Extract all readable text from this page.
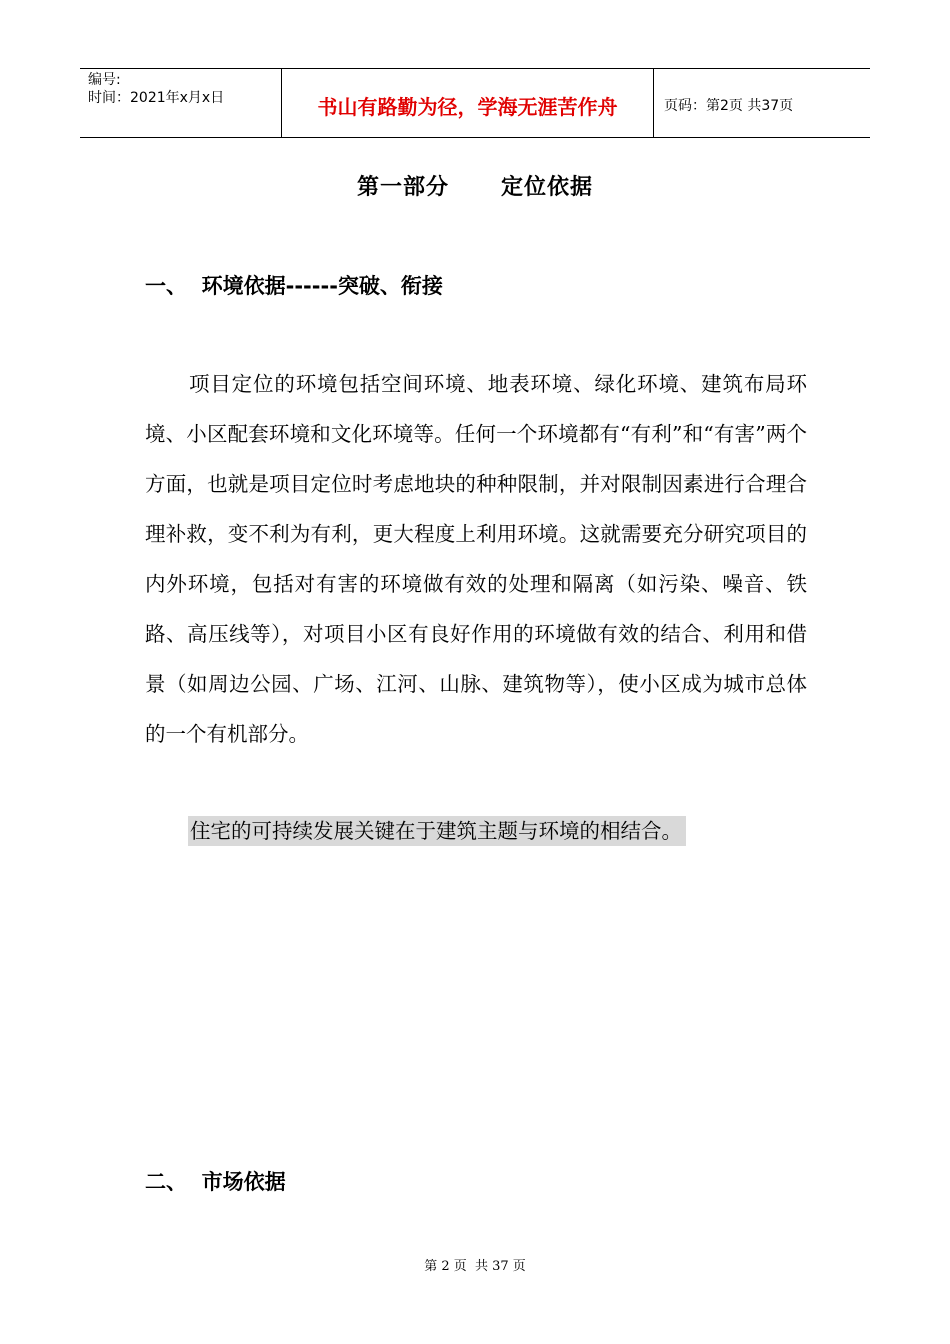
编号:
时间：2021年x月x日	书山有路勤为径，学海无涯苦作舟	页码：第2页 共37页
第一部分      定位依据
一、  环境依据------突破、衔接

项目定位的环境包括空间环境、地表环境、绿化环境、建筑布局环境、小区配套环境和文化环境等。任何一个环境都有“有利”和“有害”两个方面，也就是项目定位时考虑地块的种种限制，并对限制因素进行合理合理补救，变不利为有利，更大程度上利用环境。这就需要充分研究项目的内外环境，包括对有害的环境做有效的处理和隔离（如污染、噪音、铁路、高压线等），对项目小区有良好作用的环境做有效的结合、利用和借景（如周边公园、广场、江河、山脉、建筑物等），使小区成为城市总体的一个有机部分。

住宅的可持续发展关键在于建筑主题与环境的相结合。
二、  市场依据
第 2 页  共 37 页
